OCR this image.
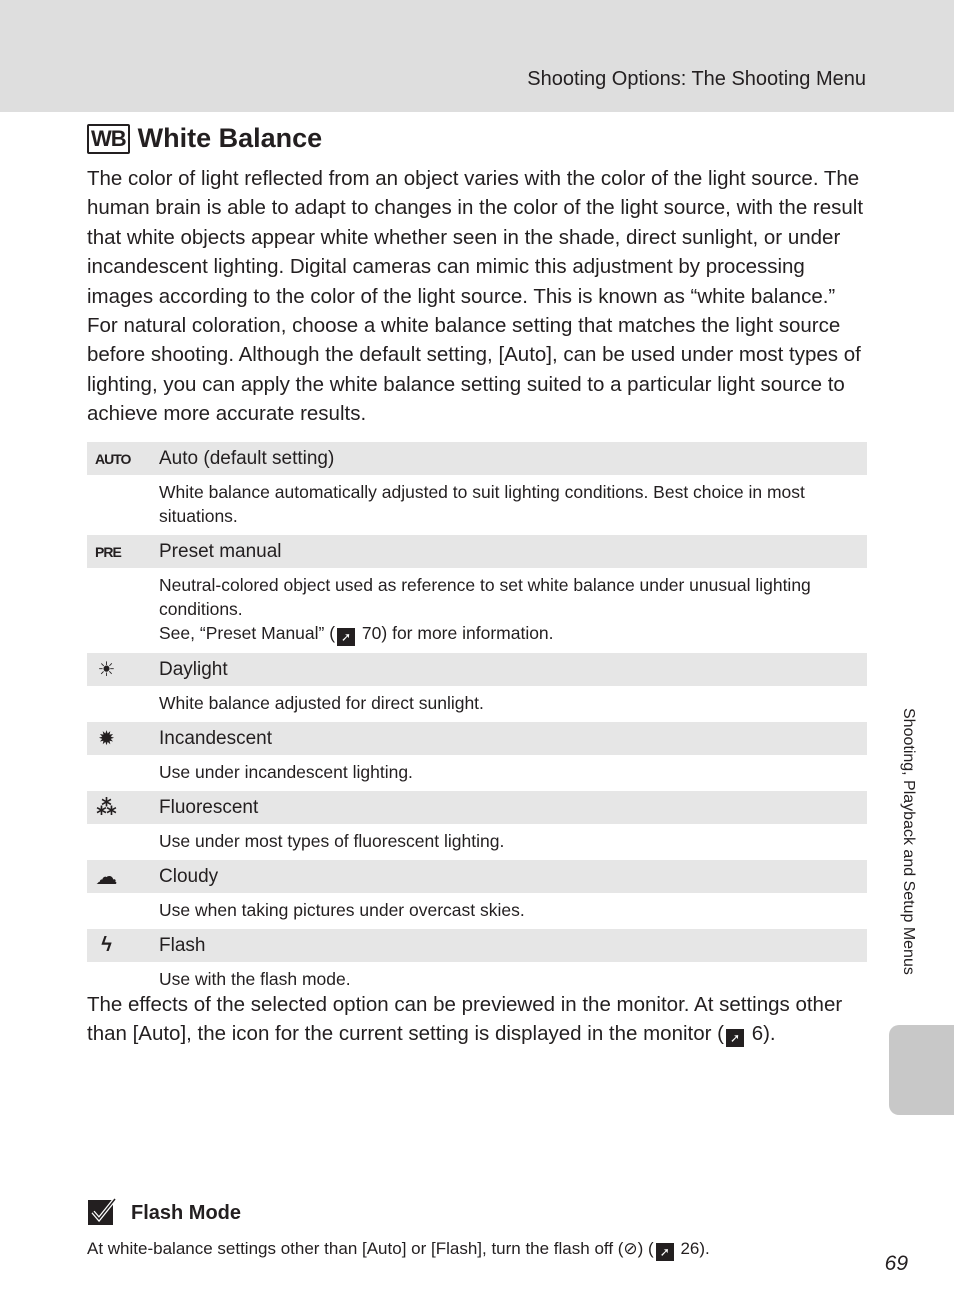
Shooting Options: The Shooting Menu
WB White Balance

The color of light reflected from an object varies with the color of the light source. The human brain is able to adapt to changes in the color of the light source, with the result that white objects appear white whether seen in the shade, direct sunlight, or under incandescent lighting. Digital cameras can mimic this adjustment by processing images according to the color of the light source. This is known as “white balance.” For natural coloration, choose a white balance setting that matches the light source before shooting. Although the default setting, [Auto], can be used under most types of lighting, you can apply the white balance setting suited to a particular light source to achieve more accurate results.

AUTO Auto (default setting)
White balance automatically adjusted to suit lighting conditions. Best choice in most situations.
PRE Preset manual
Neutral-colored object used as reference to set white balance under unusual lighting conditions.
See, “Preset Manual” ( ➚ 70) for more information.
☀ Daylight
White balance adjusted for direct sunlight.
✹ Incandescent
Use under incandescent lighting.
⁂ Fluorescent
Use under most types of fluorescent lighting.
☁ Cloudy
Use when taking pictures under overcast skies.
ϟ	Flash
Use with the flash mode.

The effects of the selected option can be previewed in the monitor. At settings other than [Auto], the icon for the current setting is displayed in the monitor ( ➚ 6).

Shooting, Playback and Setup Menus
Flash Mode
At white-balance settings other than [Auto] or [Flash], turn the flash off (⊘) ( ➚ 26).
69
